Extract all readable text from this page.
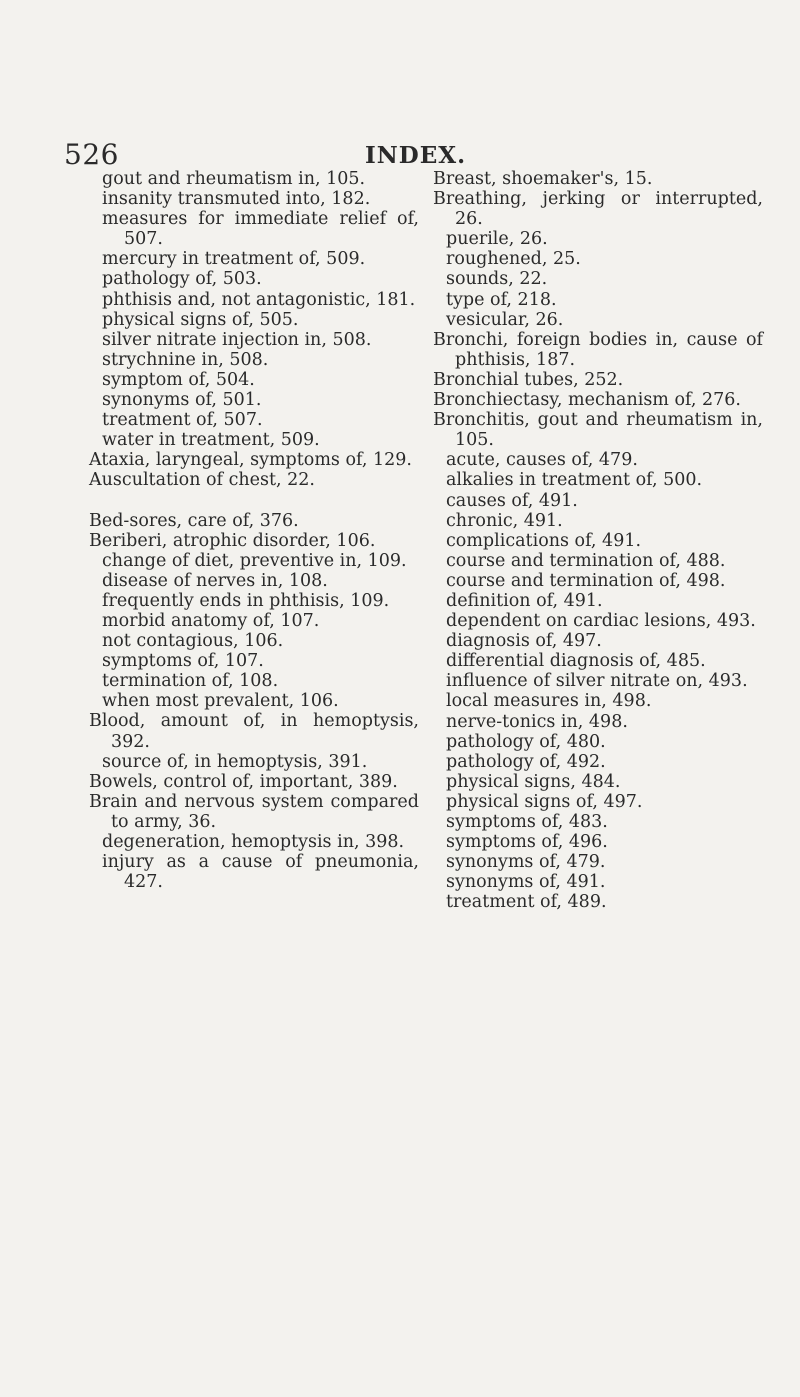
526	INDEX.
gout and rheumatism in, 105.
insanity transmuted into, 182.
measures for immediate relief of, 507.
mercury in treatment of, 509.
pathology of, 503.
phthisis and, not antagonistic, 181.
physical signs of, 505.
silver nitrate injection in, 508.
strychnine in, 508.
symptom of, 504.
synonyms of, 501.
treatment of, 507.
water in treatment, 509.
Ataxia, laryngeal, symptoms of, 129.
Auscultation of chest, 22.
Bed-sores, care of, 376.
Beriberi, atrophic disorder, 106.
change of diet, preventive in, 109.
disease of nerves in, 108.
frequently ends in phthisis, 109.
morbid anatomy of, 107.
not contagious, 106.
symptoms of, 107.
termination of, 108.
when most prevalent, 106.
Blood, amount of, in hemoptysis, 392.
source of, in hemoptysis, 391.
Bowels, control of, important, 389.
Brain and nervous system compared to army, 36.
degeneration, hemoptysis in, 398.
injury as a cause of pneumonia, 427.
Breast, shoemaker's, 15.
Breathing, jerking or interrupted, 26.
puerile, 26.
roughened, 25.
sounds, 22.
type of, 218.
vesicular, 26.
Bronchi, foreign bodies in, cause of phthisis, 187.
Bronchial tubes, 252.
Bronchiectasy, mechanism of, 276.
Bronchitis, gout and rheumatism in, 105.
acute, causes of, 479.
alkalies in treatment of, 500.
causes of, 491.
chronic, 491.
complications of, 491.
course and termination of, 488.
course and termination of, 498.
definition of, 491.
dependent on cardiac lesions, 493.
diagnosis of, 497.
differential diagnosis of, 485.
influence of silver nitrate on, 493.
local measures in, 498.
nerve-tonics in, 498.
pathology of, 480.
pathology of, 492.
physical signs, 484.
physical signs of, 497.
symptoms of, 483.
symptoms of, 496.
synonyms of, 479.
synonyms of, 491.
treatment of, 489.
